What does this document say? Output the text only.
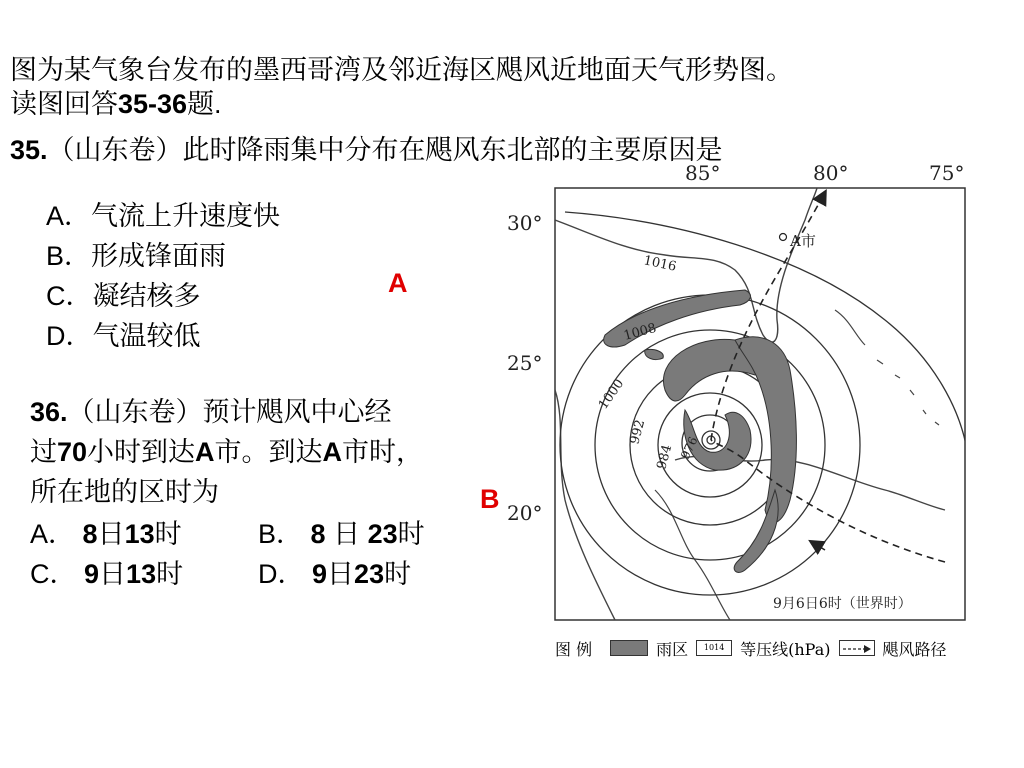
图为某气象台发布的墨西哥湾及邻近海区飓风近地面天气形势图。
读图回答35-36题.
35.（山东卷）此时降雨集中分布在飓风东北部的主要原因是
A．气流上升速度快
B．形成锋面雨
C．凝结核多
D．气温较低
A
36.（山东卷）预计飓风中心经
过70小时到达A市。到达A市时，
所在地的区时为
A． 8日13时	B． 8 日 23时
C． 9日13时	D． 9日23时
B
85°	80°	75°
30°
25°
20°
A市
1016
1008
1000
992
984 976
9月6日6时（世界时）
图 例	雨区	1014 等压线(hPa)	飓风路径
